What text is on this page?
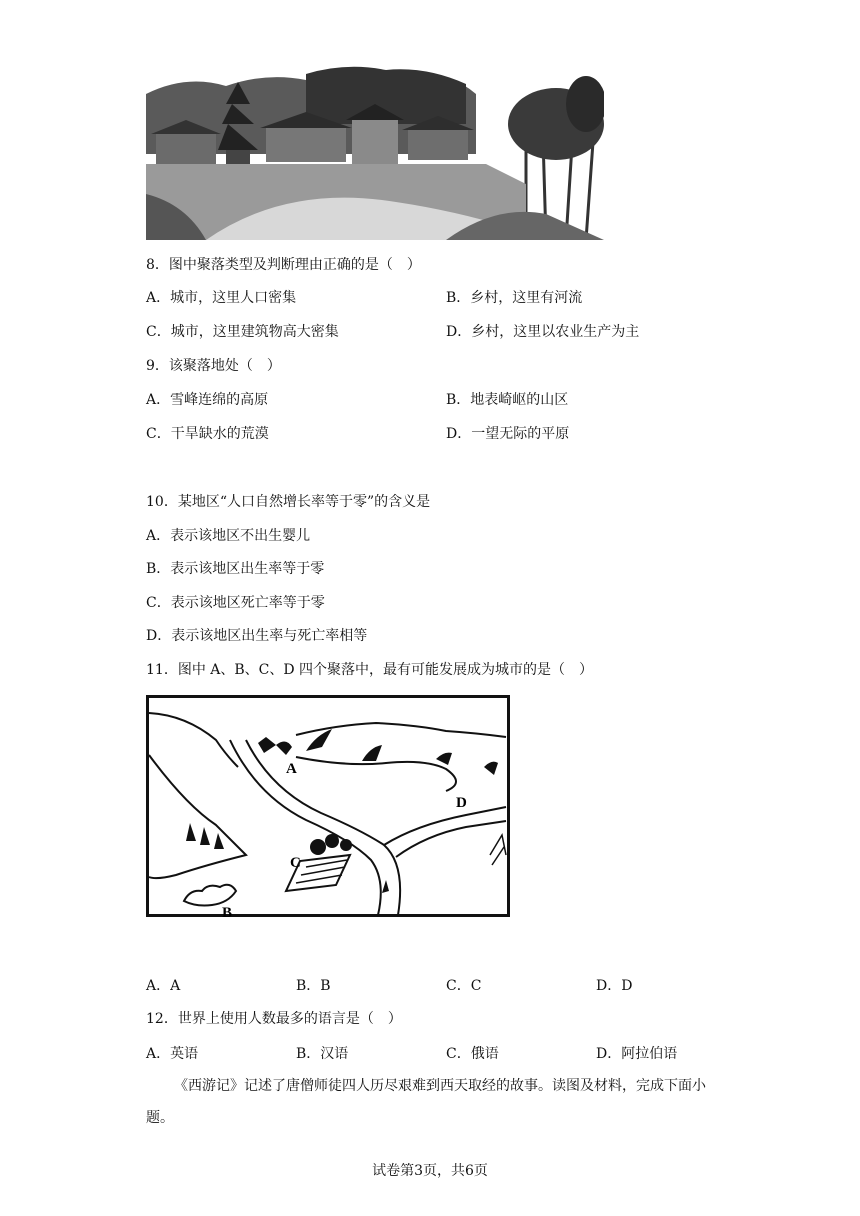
8．图中聚落类型及判断理由正确的是（　）
A．城市，这里人口密集	B．乡村，这里有河流
C．城市，这里建筑物高大密集	D．乡村，这里以农业生产为主
9．该聚落地处（　）
A．雪峰连绵的高原	B．地表崎岖的山区
C．干旱缺水的荒漠	D．一望无际的平原
10．某地区“人口自然增长率等于零”的含义是
A．表示该地区不出生婴儿
B．表示该地区出生率等于零
C．表示该地区死亡率等于零
D．表示该地区出生率与死亡率相等
11．图中 A、B、C、D 四个聚落中，最有可能发展成为城市的是（　）
A
B
C
D
A．A	B．B	C．C	D．D
12．世界上使用人数最多的语言是（　）
A．英语	B．汉语	C．俄语	D．阿拉伯语
《西游记》记述了唐僧师徒四人历尽艰难到西天取经的故事。读图及材料，完成下面小题。
试卷第3页，共6页
